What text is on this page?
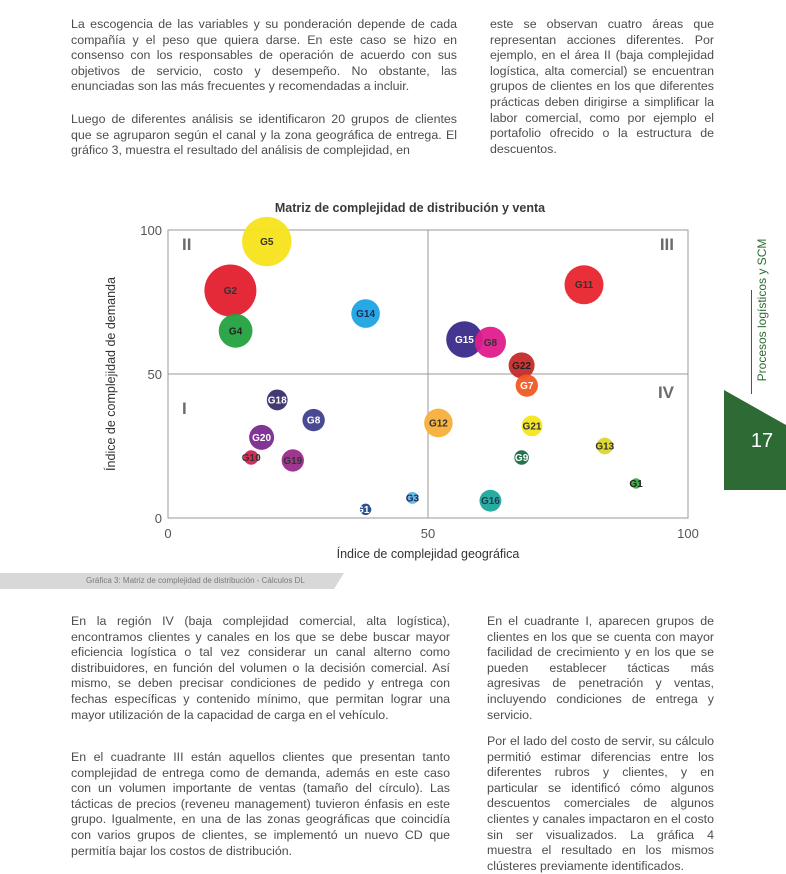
La escogencia de las variables y su ponderación depende de cada compañía y el peso que quiera darse. En este caso se hizo en consenso con los responsables de operación de acuerdo con sus objetivos de servicio, costo y desempeño. No obstante, las enunciadas son las más frecuentes y recomendadas a incluir.

Luego de diferentes análisis se identificaron 20 grupos de clientes que se agruparon según el canal y la zona geográfica de entrega. El gráfico 3, muestra el resultado del análisis de complejidad, en

este se observan cuatro áreas que representan acciones diferentes. Por ejemplo, en el área II (baja complejidad logística, alta comercial) se encuentran grupos de clientes en los que diferentes prácticas deben dirigirse a simplificar la labor comercial, como por ejemplo el portafolio ofrecido o la estructura de descuentos.

Matriz de complejidad de distribución y venta
0
50
100
0	50	100
Índice de complejidad geográfica
Índice de complejidad de demanda
G5
G2
G4
G14
G15 G8
G11
G22
G7
G18
G8
G20
G10 G19
G12	G21
G13
G9
G1
G3	G16
G17
II	III
I
IV
Gráfica 3: Matriz de complejidad de distribución - Cálculos DL

En la región IV (baja complejidad comercial, alta logística), encontramos clientes y canales en los que se debe buscar mayor eficiencia logística o tal vez considerar un canal alterno como distribuidores, en función del volumen o la decisión comercial. Así mismo, se deben precisar condiciones de pedido y entrega con fechas específicas y contenido mínimo, que permitan lograr una mayor utilización de la capacidad de carga en el vehículo.

En el cuadrante III están aquellos clientes que presentan tanto complejidad de entrega como de demanda, además en este caso con un volumen importante de ventas (tamaño del círculo). Las tácticas de precios (reveneu management) tuvieron énfasis en este grupo. Igualmente, en una de las zonas geográficas que coincidía con varios grupos de clientes, se implementó un nuevo CD que permitía bajar los costos de distribución.

En el cuadrante I, aparecen grupos de clientes en los que se cuenta con mayor facilidad de crecimiento y en los que se pueden establecer tácticas más agresivas de penetración y ventas, incluyendo condiciones de entrega y servicio.

Por el lado del costo de servir, su cálculo permitió estimar diferencias entre los diferentes rubros y clientes, y en particular se identificó cómo algunos descuentos comerciales de algunos clientes y canales impactaron en el costo sin ser visualizados. La gráfica 4 muestra el resultado en los mismos clústeres previamente identificados.

Procesos logísticos y SCM
17
